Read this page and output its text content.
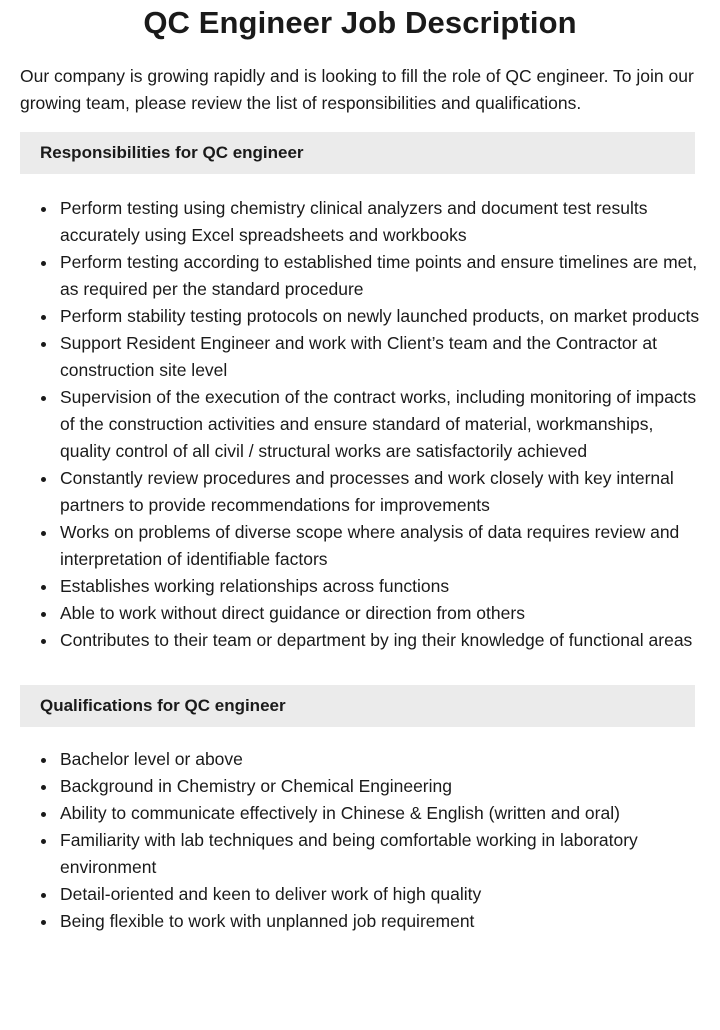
QC Engineer Job Description

Our company is growing rapidly and is looking to fill the role of QC engineer. To join our growing team, please review the list of responsibilities and qualifications.

Responsibilities for QC engineer
Perform testing using chemistry clinical analyzers and document test results accurately using Excel spreadsheets and workbooks
Perform testing according to established time points and ensure timelines are met, as required per the standard procedure
Perform stability testing protocols on newly launched products, on market products
Support Resident Engineer and work with Client’s team and the Contractor at construction site level
Supervision of the execution of the contract works, including monitoring of impacts of the construction activities and ensure standard of material, workmanships, quality control of all civil / structural works are satisfactorily achieved
Constantly review procedures and processes and work closely with key internal partners to provide recommendations for improvements
Works on problems of diverse scope where analysis of data requires review and interpretation of identifiable factors
Establishes working relationships across functions
Able to work without direct guidance or direction from others
Contributes to their team or department by ing their knowledge of functional areas
Qualifications for QC engineer
Bachelor level or above
Background in Chemistry or Chemical Engineering
Ability to communicate effectively in Chinese & English (written and oral)
Familiarity with lab techniques and being comfortable working in laboratory environment
Detail-oriented and keen to deliver work of high quality
Being flexible to work with unplanned job requirement
